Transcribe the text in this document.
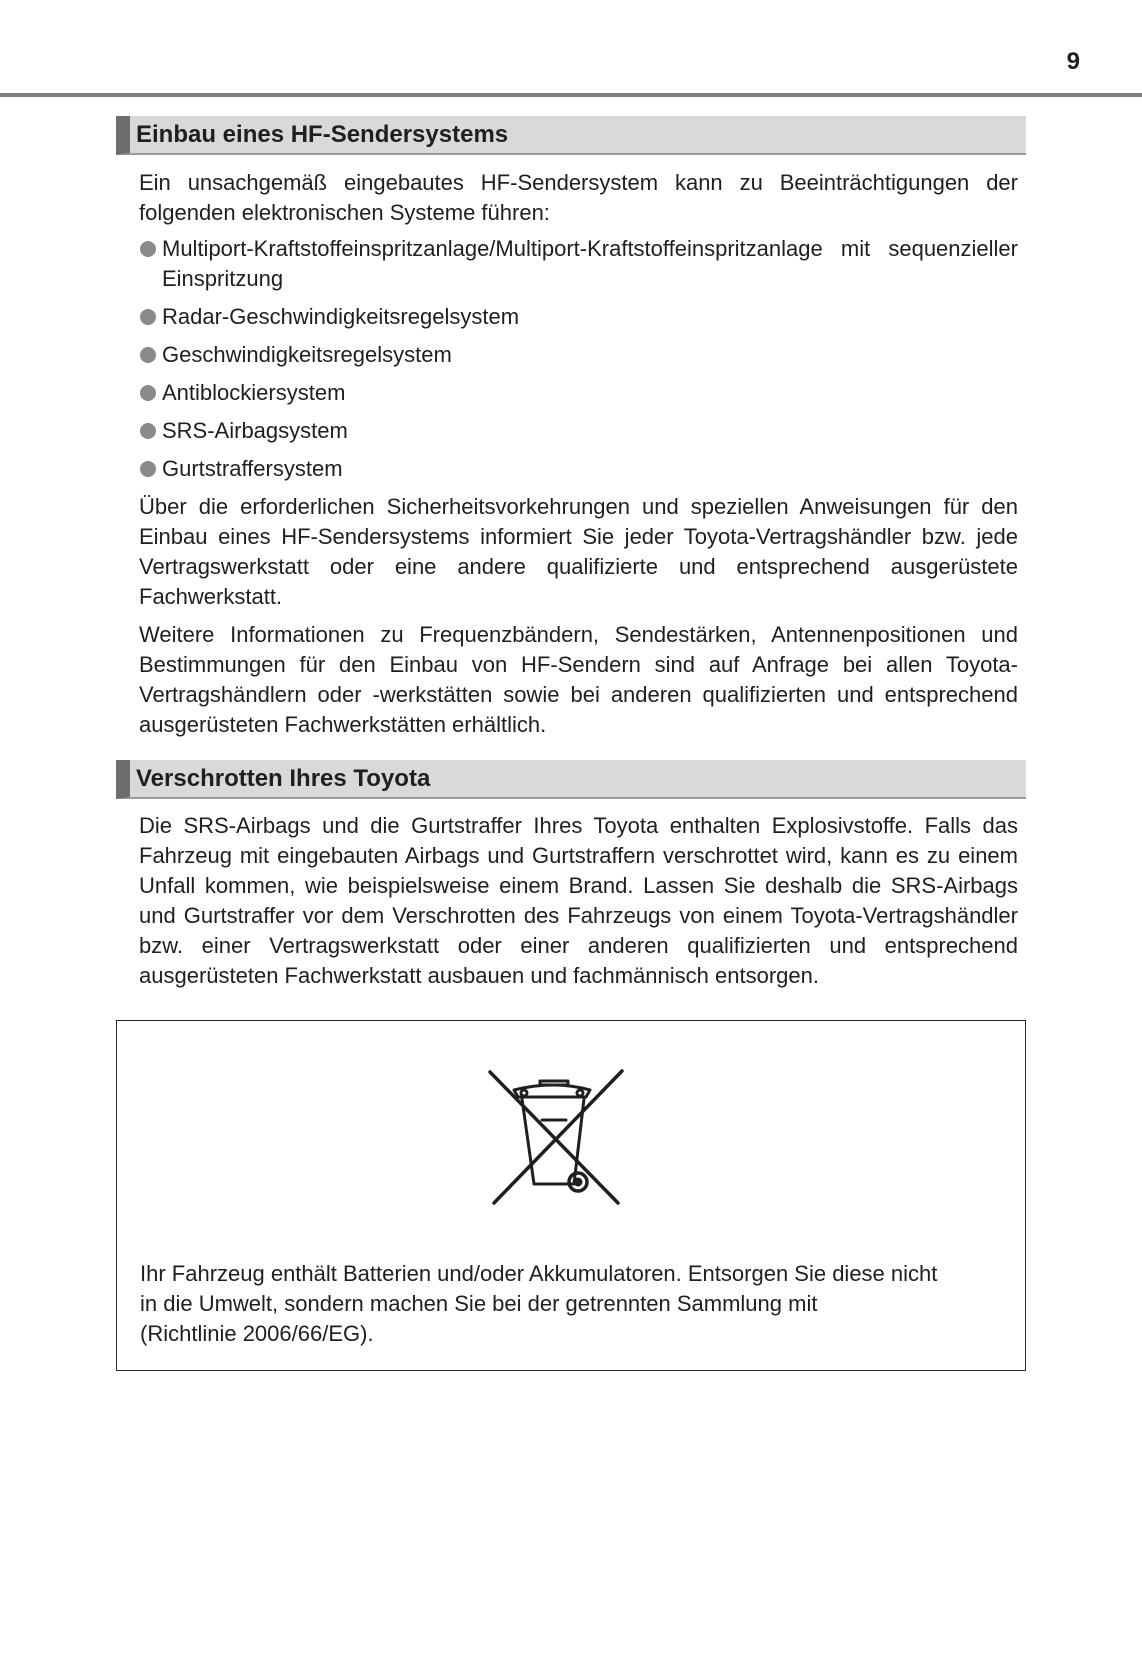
9
Einbau eines HF-Sendersystems

Ein unsachgemäß eingebautes HF-Sendersystem kann zu Beeinträchtigungen der folgenden elektronischen Systeme führen:

Multiport-Kraftstoffeinspritzanlage/Multiport-Kraftstoffeinspritzanlage mit sequenzieller Einspritzung
Radar-Geschwindigkeitsregelsystem
Geschwindigkeitsregelsystem
Antiblockiersystem
SRS-Airbagsystem
Gurtstraffersystem

Über die erforderlichen Sicherheitsvorkehrungen und speziellen Anweisungen für den Einbau eines HF-Sendersystems informiert Sie jeder Toyota-Vertragshändler bzw. jede Vertragswerkstatt oder eine andere qualifizierte und entsprechend ausgerüstete Fachwerkstatt.

Weitere Informationen zu Frequenzbändern, Sendestärken, Antennenpositionen und Bestimmungen für den Einbau von HF-Sendern sind auf Anfrage bei allen Toyota-Vertragshändlern oder -werkstätten sowie bei anderen qualifizierten und entsprechend ausgerüsteten Fachwerkstätten erhältlich.

Verschrotten Ihres Toyota

Die SRS-Airbags und die Gurtstraffer Ihres Toyota enthalten Explosivstoffe. Falls das Fahrzeug mit eingebauten Airbags und Gurtstraffern verschrottet wird, kann es zu einem Unfall kommen, wie beispielsweise einem Brand. Lassen Sie deshalb die SRS-Airbags und Gurtstraffer vor dem Verschrotten des Fahrzeugs von einem Toyota-Vertragshändler bzw. einer Vertragswerkstatt oder einer anderen qualifizierten und entsprechend ausgerüsteten Fachwerkstatt ausbauen und fachmännisch entsorgen.

Ihr Fahrzeug enthält Batterien und/oder Akkumulatoren. Entsorgen Sie diese nicht
in die Umwelt, sondern machen Sie bei der getrennten Sammlung mit
(Richtlinie 2006/66/EG).
